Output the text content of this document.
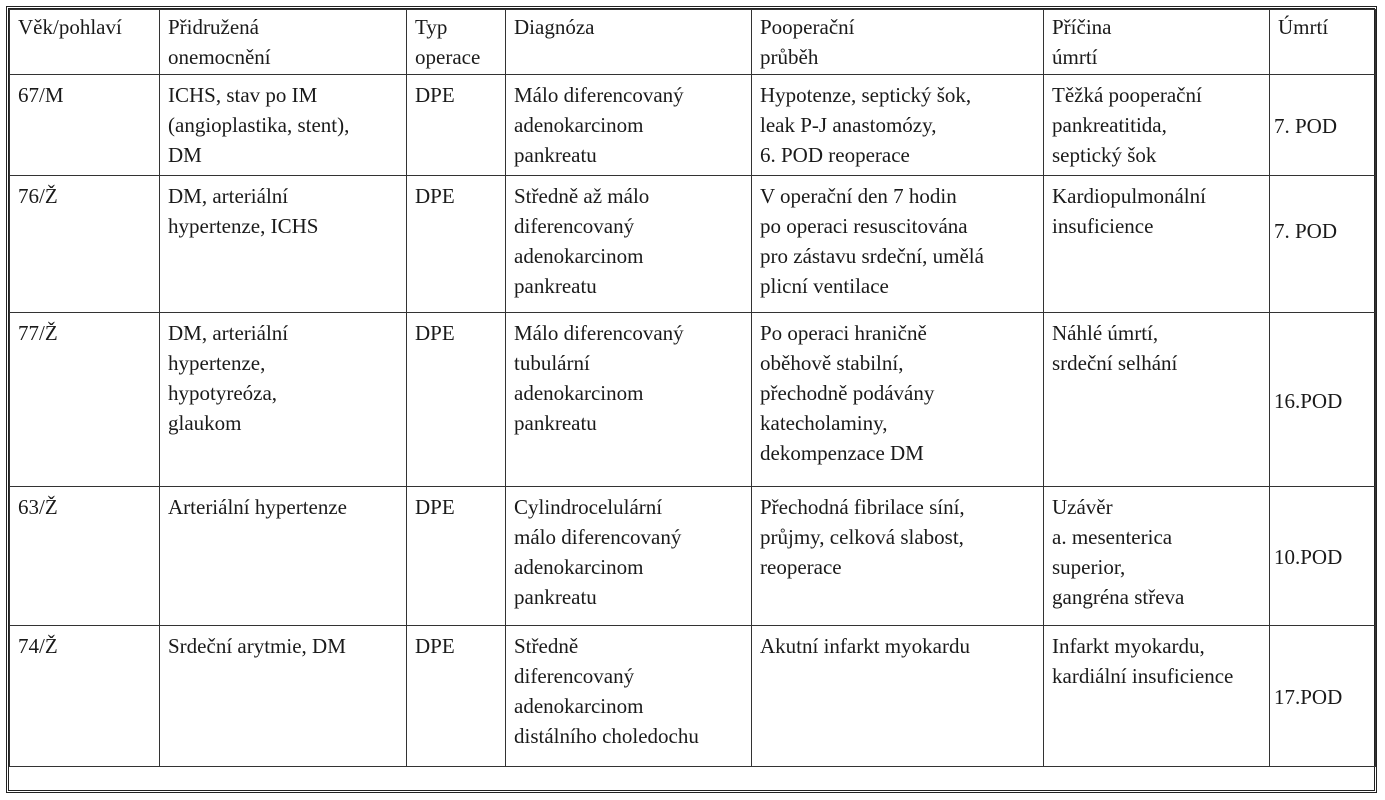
Věk/pohlaví	Přidružená
onemocnění	Typ
operace	Diagnóza	Pooperační
průběh	Příčina
úmrtí	Úmrtí

67/M	ICHS, stav po IM
(angioplastika, stent),
DM	DPE	Málo diferencovaný
adenokarcinom
pankreatu	Hypotenze, septický šok,
leak P-J anastomózy,
6. POD reoperace	Těžká pooperační
pankreatitida,
septický šok	7. POD

76/Ž	DM, arteriální
hypertenze, ICHS	DPE	Středně až málo
diferencovaný
adenokarcinom
pankreatu	V operační den 7 hodin
po operaci resuscitována
pro zástavu srdeční, umělá
plicní ventilace	Kardiopulmonální
insuficience	7. POD

77/Ž	DM, arteriální
hypertenze,
hypotyreóza,
glaukom	DPE	Málo diferencovaný
tubulární
adenokarcinom
pankreatu	Po operaci hraničně
oběhově stabilní,
přechodně podávány
katecholaminy,
dekompenzace DM	Náhlé úmrtí,
srdeční selhání	16.POD

63/Ž	Arteriální hypertenze	DPE	Cylindrocelulární
málo diferencovaný
adenokarcinom
pankreatu	Přechodná fibrilace síní,
průjmy, celková slabost,
reoperace	Uzávěr
a. mesenterica
superior,
gangréna střeva	10.POD

74/Ž	Srdeční arytmie, DM	DPE	Středně
diferencovaný
adenokarcinom
distálního choledochu	Akutní infarkt myokardu	Infarkt myokardu,
kardiální insuficience	17.POD
